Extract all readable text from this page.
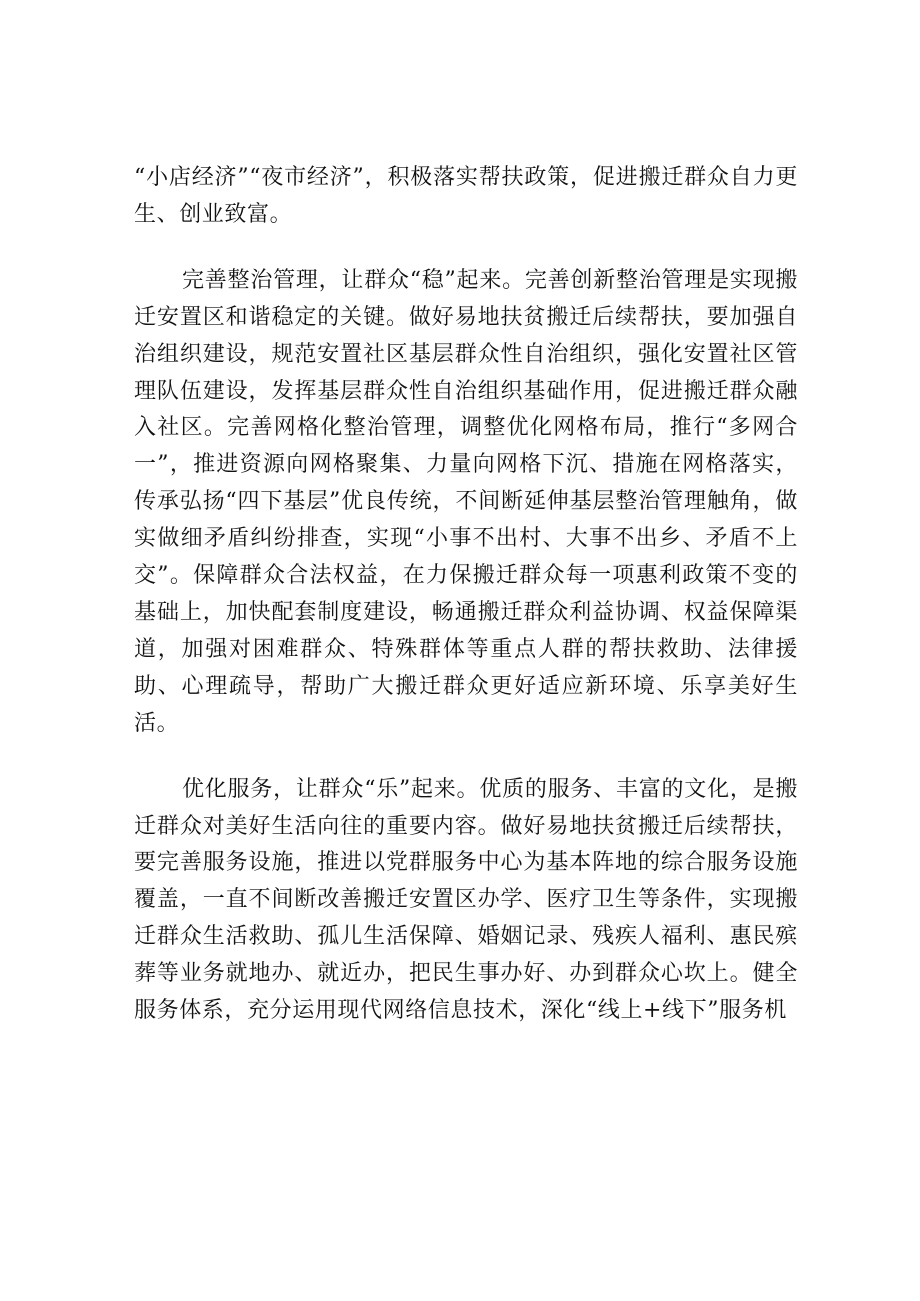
“小店经济”“夜市经济”，积极落实帮扶政策，促进搬迁群众自力更生、创业致富。

完善整治管理，让群众“稳”起来。完善创新整治管理是实现搬迁安置区和谐稳定的关键。做好易地扶贫搬迁后续帮扶，要加强自治组织建设，规范安置社区基层群众性自治组织，强化安置社区管理队伍建设，发挥基层群众性自治组织基础作用，促进搬迁群众融入社区。完善网格化整治管理，调整优化网格布局，推行“多网合一”，推进资源向网格聚集、力量向网格下沉、措施在网格落实，传承弘扬“四下基层”优良传统，不间断延伸基层整治管理触角，做实做细矛盾纠纷排查，实现“小事不出村、大事不出乡、矛盾不上交”。保障群众合法权益，在力保搬迁群众每一项惠利政策不变的基础上，加快配套制度建设，畅通搬迁群众利益协调、权益保障渠道，加强对困难群众、特殊群体等重点人群的帮扶救助、法律援助、心理疏导，帮助广大搬迁群众更好适应新环境、乐享美好生活。

优化服务，让群众“乐”起来。优质的服务、丰富的文化，是搬迁群众对美好生活向往的重要内容。做好易地扶贫搬迁后续帮扶，要完善服务设施，推进以党群服务中心为基本阵地的综合服务设施覆盖，一直不间断改善搬迁安置区办学、医疗卫生等条件，实现搬迁群众生活救助、孤儿生活保障、婚姻记录、残疾人福利、惠民殡葬等业务就地办、就近办，把民生事办好、办到群众心坎上。健全服务体系，充分运用现代网络信息技术，深化“线上+线下”服务机
